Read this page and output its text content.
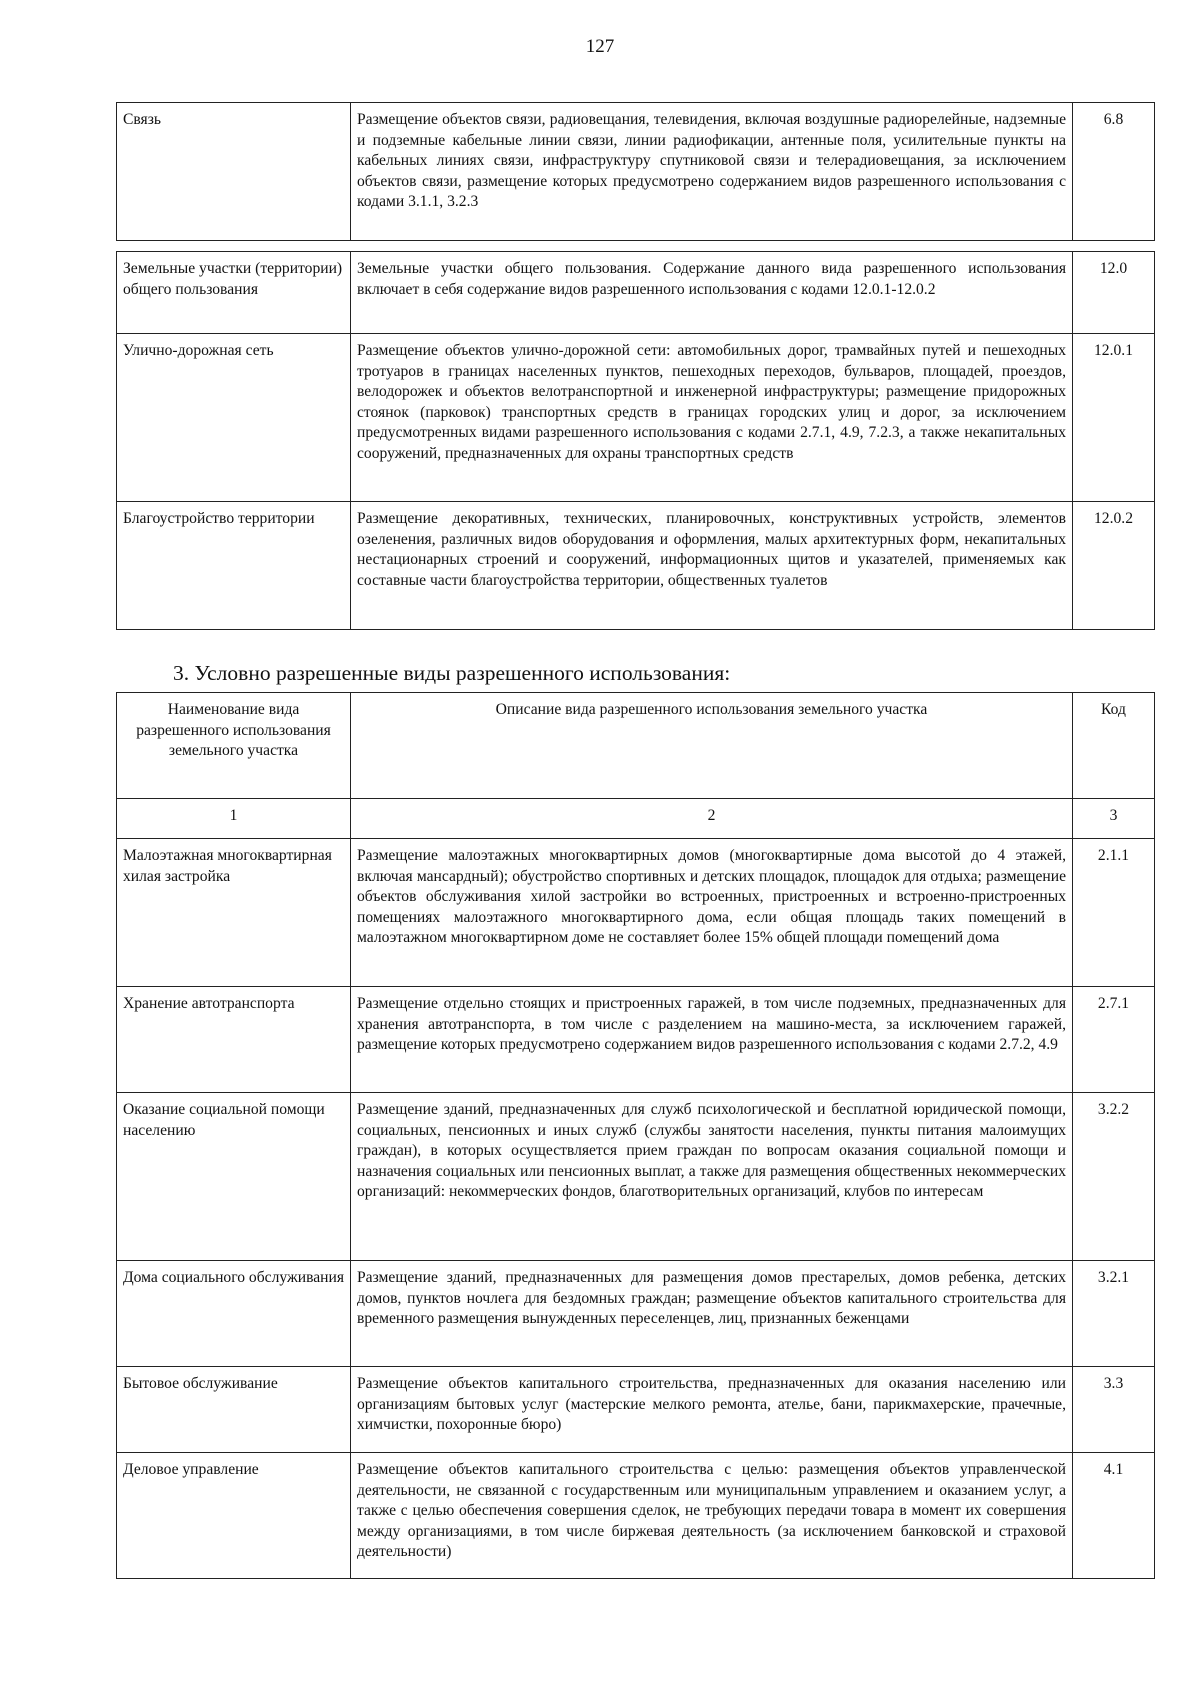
127
Связь	Размещение объектов связи, радиовещания, телевидения, включая воздушные радиорелейные, надземные и подземные кабельные линии связи, линии радиофикации, антенные поля, усилительные пункты на кабельных линиях связи, инфраструктуру спутниковой связи и телерадиовещания, за исключением объектов связи, размещение которых предусмотрено содержанием видов разрешенного использования с кодами 3.1.1, 3.2.3	6.8
Земельные участки (территории) общего пользования	Земельные участки общего пользования. Содержание данного вида разрешенного использования включает в себя содержание видов разрешенного использования с кодами 12.0.1-12.0.2	12.0
Улично-дорожная сеть	Размещение объектов улично-дорожной сети: автомобильных дорог, трамвайных путей и пешеходных тротуаров в границах населенных пунктов, пешеходных переходов, бульваров, площадей, проездов, велодорожек и объектов велотранспортной и инженерной инфраструктуры; размещение придорожных стоянок (парковок) транспортных средств в границах городских улиц и дорог, за исключением предусмотренных видами разрешенного использования с кодами 2.7.1, 4.9, 7.2.3, а также некапитальных сооружений, предназначенных для охраны транспортных средств	12.0.1
Благоустройство территории	Размещение декоративных, технических, планировочных, конструктивных устройств, элементов озеленения, различных видов оборудования и оформления, малых архитектурных форм, некапитальных нестационарных строений и сооружений, информационных щитов и указателей, применяемых как составные части благоустройства территории, общественных туалетов	12.0.2
3. Условно разрешенные виды разрешенного использования:
Наименование вида разрешенного использования земельного участка	Описание вида разрешенного использования земельного участка	Код
1	2	3
Малоэтажная многоквартирная хилая застройка	Размещение малоэтажных многоквартирных домов (многоквартирные дома высотой до 4 этажей, включая мансардный); обустройство спортивных и детских площадок, площадок для отдыха; размещение объектов обслуживания хилой застройки во встроенных, пристроенных и встроенно-пристроенных помещениях малоэтажного многоквартирного дома, если общая площадь таких помещений в малоэтажном многоквартирном доме не составляет более 15% общей площади помещений дома	2.1.1
Хранение автотранспорта	Размещение отдельно стоящих и пристроенных гаражей, в том числе подземных, предназначенных для хранения автотранспорта, в том числе с разделением на машино-места, за исключением гаражей, размещение которых предусмотрено содержанием видов разрешенного использования с кодами 2.7.2, 4.9	2.7.1
Оказание социальной помощи населению	Размещение зданий, предназначенных для служб психологической и бесплатной юридической помощи, социальных, пенсионных и иных служб (службы занятости населения, пункты питания малоимущих граждан), в которых осуществляется прием граждан по вопросам оказания социальной помощи и назначения социальных или пенсионных выплат, а также для размещения общественных некоммерческих организаций: некоммерческих фондов, благотворительных организаций, клубов по интересам	3.2.2
Дома социального обслуживания	Размещение зданий, предназначенных для размещения домов престарелых, домов ребенка, детских домов, пунктов ночлега для бездомных граждан; размещение объектов капитального строительства для временного размещения вынужденных переселенцев, лиц, признанных беженцами	3.2.1
Бытовое обслуживание	Размещение объектов капитального строительства, предназначенных для оказания населению или организациям бытовых услуг (мастерские мелкого ремонта, ателье, бани, парикмахерские, прачечные, химчистки, похоронные бюро)	3.3
Деловое управление	Размещение объектов капитального строительства с целью: размещения объектов управленческой деятельности, не связанной с государственным или муниципальным управлением и оказанием услуг, а также с целью обеспечения совершения сделок, не требующих передачи товара в момент их совершения между организациями, в том числе биржевая деятельность (за исключением банковской и страховой деятельности)	4.1
